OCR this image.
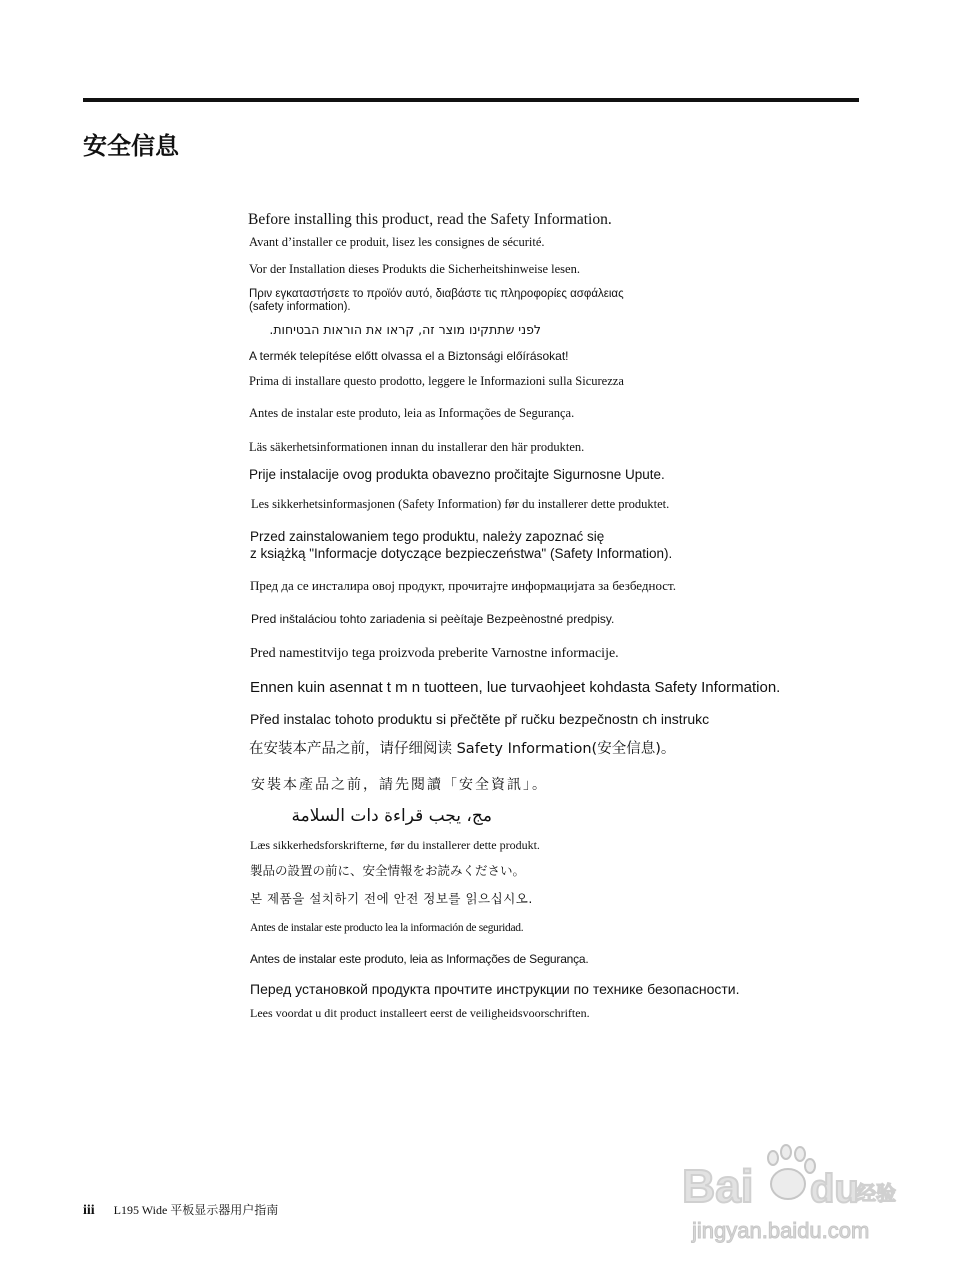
安全信息
Before installing this product, read the Safety Information.
Avant d’installer ce produit, lisez les consignes de sécurité.
Vor der Installation dieses Produkts die Sicherheitshinweise lesen.
Πριν εγκαταστήσετε το προϊόν αυτό, διαβάστε τις πληροφορίες ασφάλειας
(safety information).
לפני שתתקינו מוצר זה, קראו את הוראות הבטיחות.
A termék telepítése előtt olvassa el a Biztonsági előírásokat!
Prima di installare questo prodotto, leggere le Informazioni sulla Sicurezza
Antes de instalar este produto, leia as Informações de Segurança.
Läs säkerhetsinformationen innan du installerar den här produkten.
Prije instalacije ovog produkta obavezno pročitajte Sigurnosne Upute.
Les sikkerhetsinformasjonen (Safety Information) før du installerer dette produktet.
Przed zainstalowaniem tego produktu, należy zapoznać się
z książką "Informacje dotyczące bezpieczeństwa" (Safety Information).
Пред да се инсталира овој продукт, прочитајте информацијата за безбедност.
Pred inštaláciou tohto zariadenia si peèítaje Bezpeènostné predpisy.
Pred namestitvijo tega proizvoda preberite Varnostne informacije.
Ennen kuin asennat t m n tuotteen, lue turvaohjeet kohdasta Safety Information.
Před instalac tohoto produktu si přečtěte př ručku bezpečnostn ch instrukc
在安装本产品之前，请仔细阅读 Safety Information(安全信息)。
安裝本產品之前，請先閱讀「安全資訊」。
مج، يجب قراءة دات السلامة
Læs sikkerhedsforskrifterne, før du installerer dette produkt.
製品の設置の前に、安全情報をお読みください。
본 제품을 설치하기 전에 안전 정보를 읽으십시오.
Antes de instalar este producto lea la información de seguridad.
Antes de instalar este produto, leia as Informações de Segurança.
Перед установкой продукта прочтите инструкции по технике безопасности.
Lees voordat u dit product installeert eerst de veiligheidsvoorschriften.
iii L195 Wide 平板显示器用户指南	Bai du
经验
jingyan.baidu.com
